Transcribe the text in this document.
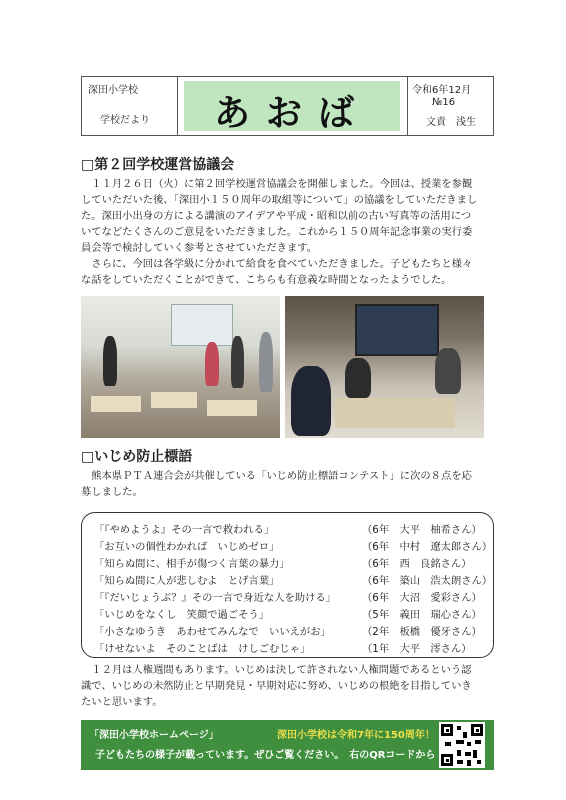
深田小学校
学校だより	あおば
令和6年12月
№16
文責　浅生
□第２回学校運営協議会
　１１月２６日（火）に第２回学校運営協議会を開催しました。今回は、授業を参観
していただいた後、「深田小１５０周年の取組等について」の協議をしていただきまし
た。深田小出身の方による講演のアイデアや平成・昭和以前の古い写真等の活用につ
いてなどたくさんのご意見をいただきました。これから１５０周年記念事業の実行委
員会等で検討していく参考とさせていただきます。
　さらに、今回は各学級に分かれて給食を食べていただきました。子どもたちと様々
な話をしていただくことができて、こちらも有意義な時間となったようでした。
□いじめ防止標語
　熊本県ＰＴＡ連合会が共催している「いじめ防止標語コンテスト」に次の８点を応
募しました。
「『やめようよ』その一言で救われる」	（6年　大平　柚希さん）
「お互いの個性わかれば　いじめゼロ」	（6年　中村　遼太郎さん）
「知らぬ間に、相手が傷つく言葉の暴力」	（6年　西　良銘さん）
「知らぬ間に人が悲しむよ　とげ言葉」	（6年　築山　浩太朗さん）
「『だいじょうぶ？』その一言で身近な人を助ける」	（6年　大沼　愛彩さん）
「いじめをなくし　笑顔で過ごそう」	（5年　義田　瑞心さん）
「小さなゆうき　あわせてみんなで　いいえがお」	（2年　板橋　優牙さん）
「けせないよ　そのことばは　けしごむじゃ」	（1年　大平　澪さん）
　１２月は人権週間もあります。いじめは決して許されない人権問題であるという認
識で、いじめの未然防止と早期発見・早期対応に努め、いじめの根絶を目指していき
たいと思います。
「深田小学校ホームページ」	深田小学校は令和7年に150周年！
子どもたちの様子が載っています。ぜひご覧ください。　右のQRコードから
